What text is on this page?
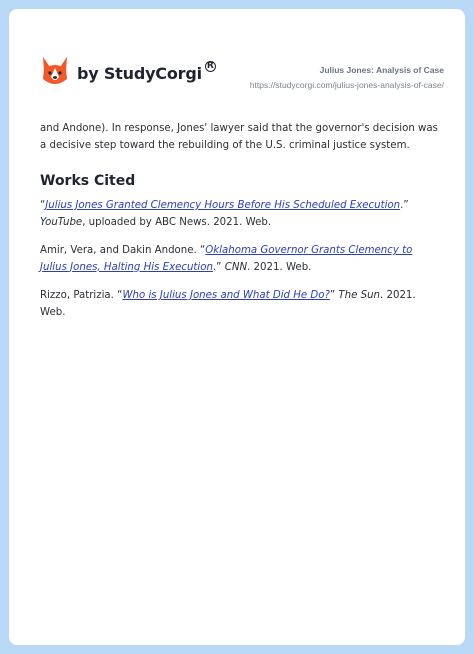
by StudyCorgi R	Julius Jones: Analysis of Case
https://studycorgi.com/julius-jones-analysis-of-case/
and Andone). In response, Jones' lawyer said that the governor's decision was a decisive step toward the rebuilding of the U.S. criminal justice system.
Works Cited
“Julius Jones Granted Clemency Hours Before His Scheduled Execution.” YouTube, uploaded by ABC News. 2021. Web.
Amir, Vera, and Dakin Andone. “Oklahoma Governor Grants Clemency to Julius Jones, Halting His Execution.” CNN. 2021. Web.
Rizzo, Patrizia. “Who is Julius Jones and What Did He Do?” The Sun. 2021. Web.
